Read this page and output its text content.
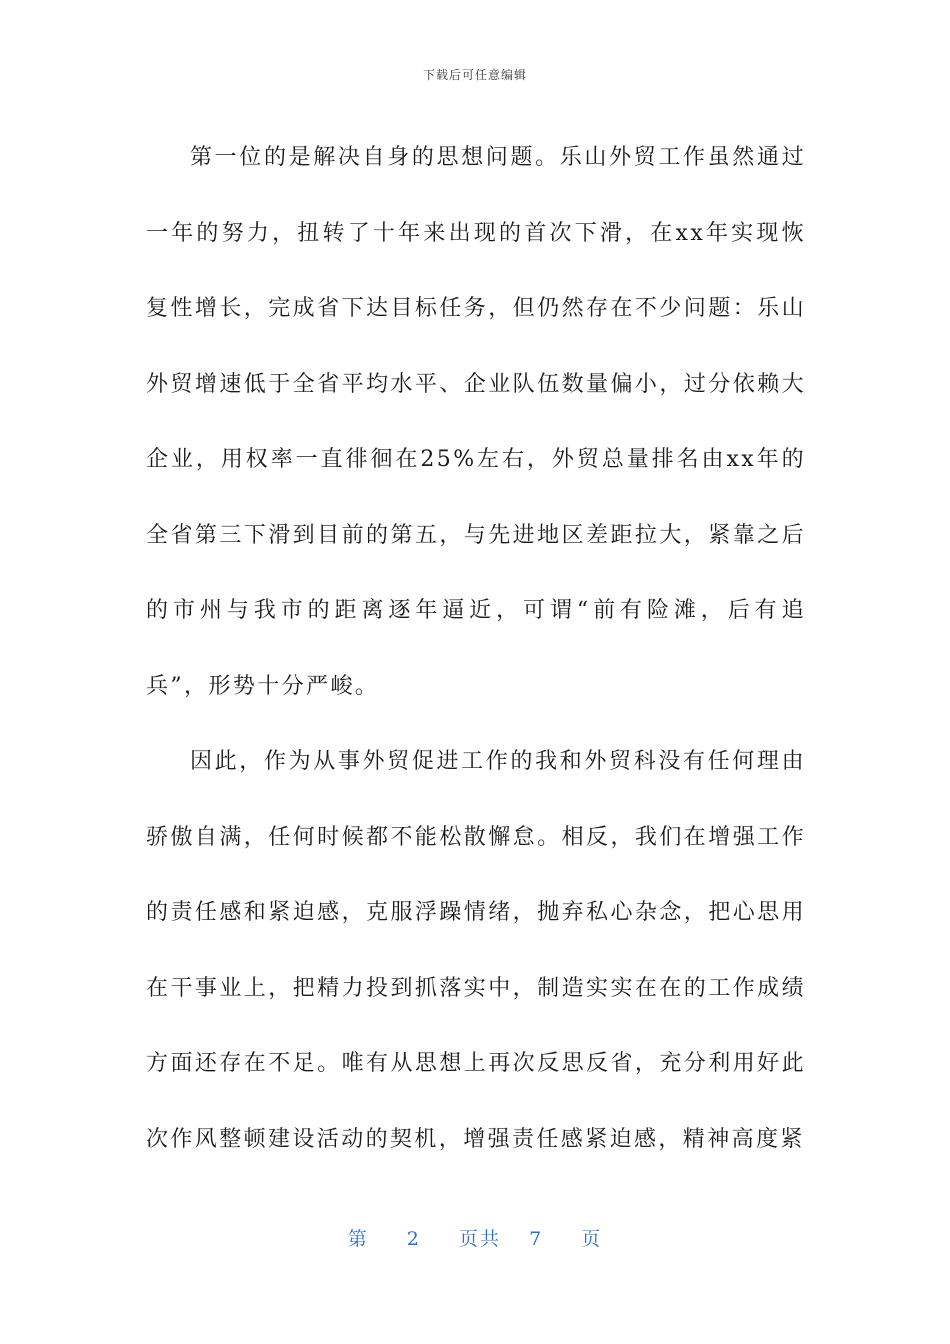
下载后可任意编辑

第一位的是解决自身的思想问题。乐山外贸工作虽然通过一年的努力，扭转了十年来出现的首次下滑，在xx年实现恢复性增长，完成省下达目标任务，但仍然存在不少问题：乐山外贸增速低于全省平均水平、企业队伍数量偏小，过分依赖大企业，用权率一直徘徊在25%左右，外贸总量排名由xx年的全省第三下滑到目前的第五，与先进地区差距拉大，紧靠之后的市州与我市的距离逐年逼近，可谓“前有险滩，后有追兵”，形势十分严峻。

因此，作为从事外贸促进工作的我和外贸科没有任何理由骄傲自满，任何时候都不能松散懈怠。相反，我们在增强工作的责任感和紧迫感，克服浮躁情绪，抛弃私心杂念，把心思用在干事业上，把精力投到抓落实中，制造实实在在的工作成绩方面还存在不足。唯有从思想上再次反思反省，充分利用好此次作风整顿建设活动的契机，增强责任感紧迫感，精神高度紧

第 2 页共 7 页
